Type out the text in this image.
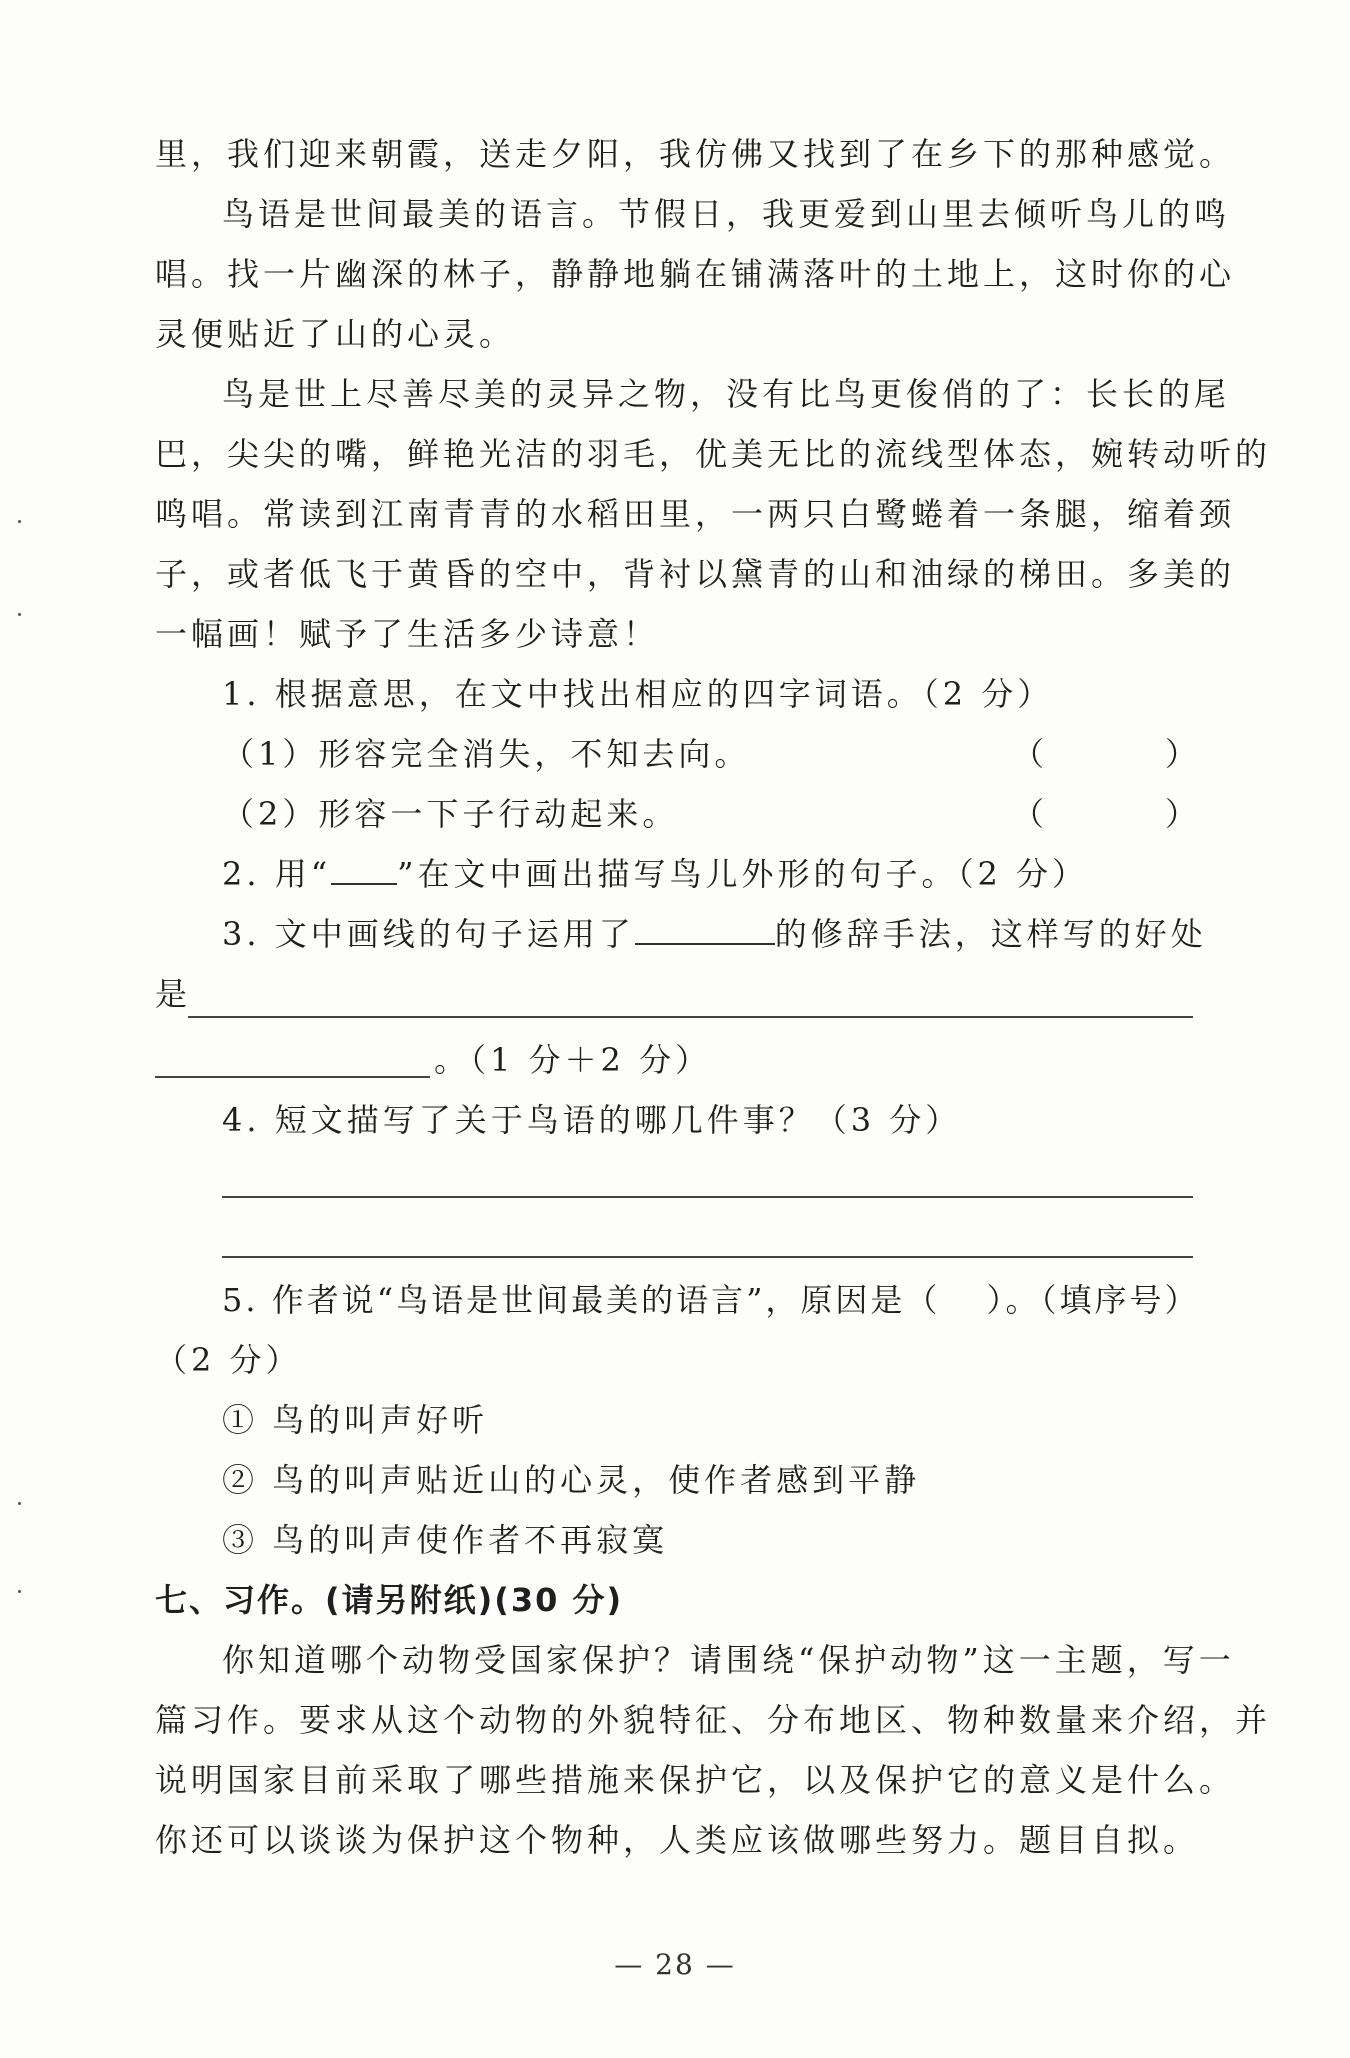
里，我们迎来朝霞，送走夕阳，我仿佛又找到了在乡下的那种感觉。
鸟语是世间最美的语言。节假日，我更爱到山里去倾听鸟儿的鸣
唱。找一片幽深的林子，静静地躺在铺满落叶的土地上，这时你的心
灵便贴近了山的心灵。
鸟是世上尽善尽美的灵异之物，没有比鸟更俊俏的了：长长的尾
巴，尖尖的嘴，鲜艳光洁的羽毛，优美无比的流线型体态，婉转动听的
鸣唱。常读到江南青青的水稻田里，一两只白鹭蜷着一条腿，缩着颈
子，或者低飞于黄昏的空中，背衬以黛青的山和油绿的梯田。多美的
一幅画！赋予了生活多少诗意！
1. 根据意思，在文中找出相应的四字词语。（2 分）
（1）形容完全消失，不知去向。	（	）
（2）形容一下子行动起来。	（	）
2. 用“ ”在文中画出描写鸟儿外形的句子。（2 分）
3. 文中画线的句子运用了	的修辞手法，这样写的好处
是
。（1 分＋2 分）
4. 短文描写了关于鸟语的哪几件事？（3 分）
5. 作者说“鸟语是世间最美的语言”，原因是（ ）。（填序号）
（2 分）
① 鸟的叫声好听
② 鸟的叫声贴近山的心灵，使作者感到平静
③ 鸟的叫声使作者不再寂寞
七、习作。(请另附纸)(30 分)
你知道哪个动物受国家保护？请围绕“保护动物”这一主题，写一
篇习作。要求从这个动物的外貌特征、分布地区、物种数量来介绍，并
说明国家目前采取了哪些措施来保护它，以及保护它的意义是什么。
你还可以谈谈为保护这个物种，人类应该做哪些努力。题目自拟。
— 28 —
